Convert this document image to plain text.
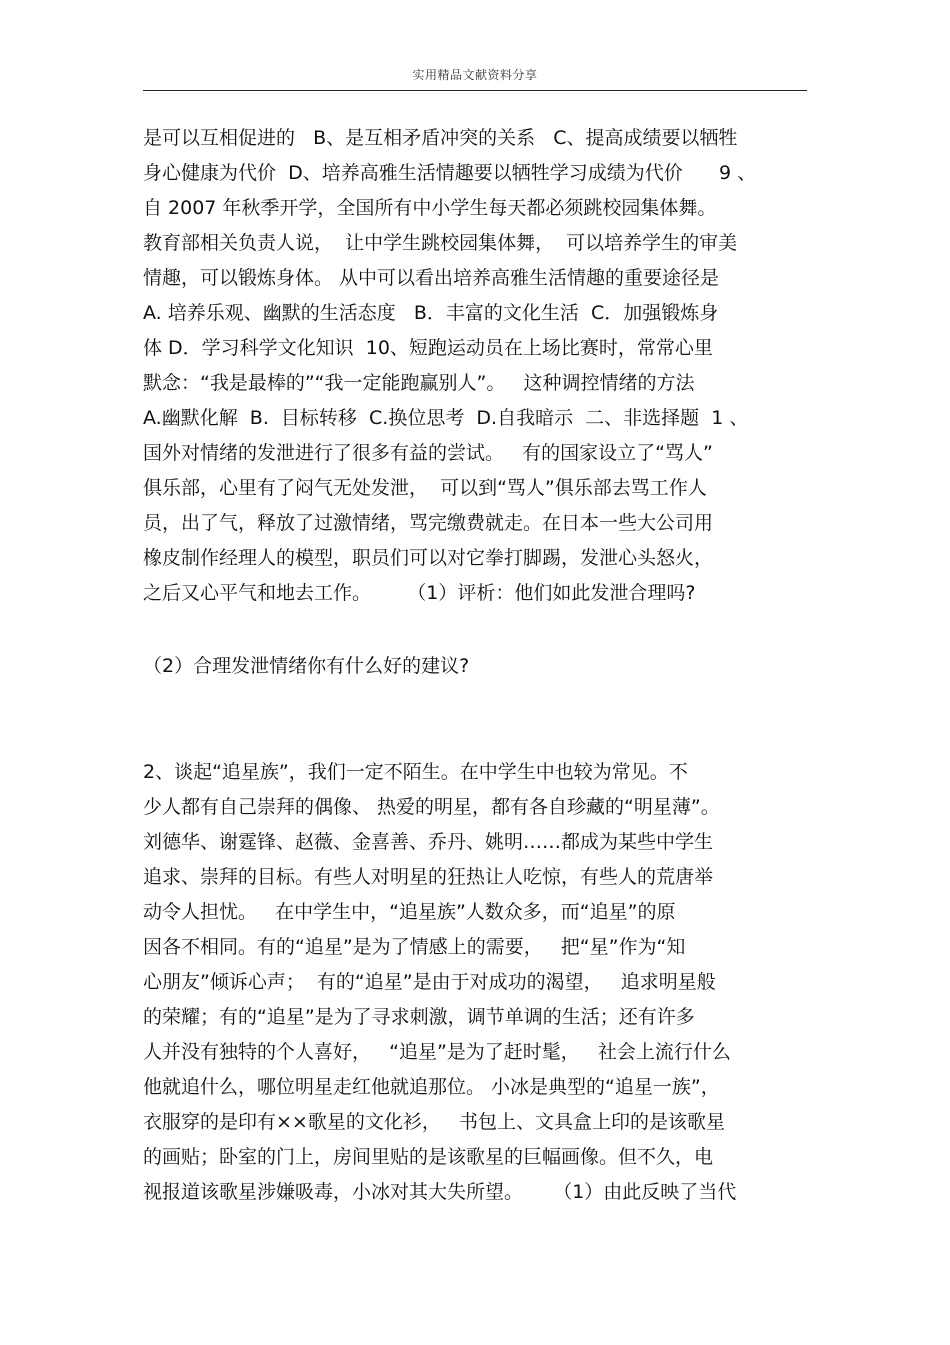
实用精品文献资料分享
是可以互相促进的   B、是互相矛盾冲突的关系   C、提高成绩要以牺牲
身心健康为代价  D、培养高雅生活情趣要以牺牲学习成绩为代价      9 、
自 2007 年秋季开学，全国所有中小学生每天都必须跳校园集体舞。
教育部相关负责人说，  让中学生跳校园集体舞，  可以培养学生的审美
情趣，可以锻炼身体。 从中可以看出培养高雅生活情趣的重要途径是
A. 培养乐观、幽默的生活态度   B．丰富的文化生活  C．加强锻炼身
体 D．学习科学文化知识  10、短跑运动员在上场比赛时，常常心里
默念：“我是最棒的”“我一定能跑赢别人”。   这种调控情绪的方法
A.幽默化解  B.  目标转移  C.换位思考  D.自我暗示  二、非选择题  1 、
国外对情绪的发泄进行了很多有益的尝试。   有的国家设立了“骂人”
俱乐部，心里有了闷气无处发泄，  可以到“骂人”俱乐部去骂工作人
员，出了气，释放了过激情绪，骂完缴费就走。在日本一些大公司用
橡皮制作经理人的模型，职员们可以对它拳打脚踢，发泄心头怒火，
之后又心平气和地去工作。      （1）评析：他们如此发泄合理吗?
（2）合理发泄情绪你有什么好的建议?
2、谈起“追星族”，我们一定不陌生。在中学生中也较为常见。不
少人都有自己崇拜的偶像、 热爱的明星，都有各自珍藏的“明星薄”。
刘德华、谢霆锋、赵薇、金喜善、乔丹、姚明……都成为某些中学生
追求、崇拜的目标。有些人对明星的狂热让人吃惊，有些人的荒唐举
动令人担忧。   在中学生中，“追星族”人数众多，而“追星”的原
因各不相同。有的“追星”是为了情感上的需要，   把“星”作为“知
心朋友”倾诉心声；  有的“追星”是由于对成功的渴望，   追求明星般
的荣耀；有的“追星”是为了寻求刺激，调节单调的生活；还有许多
人并没有独特的个人喜好，   “追星”是为了赶时髦，   社会上流行什么
他就追什么，哪位明星走红他就追那位。 小冰是典型的“追星一族”，
衣服穿的是印有××歌星的文化衫，   书包上、文具盒上印的是该歌星
的画贴；卧室的门上，房间里贴的是该歌星的巨幅画像。但不久，电
视报道该歌星涉嫌吸毒，小冰对其大失所望。     （1）由此反映了当代
